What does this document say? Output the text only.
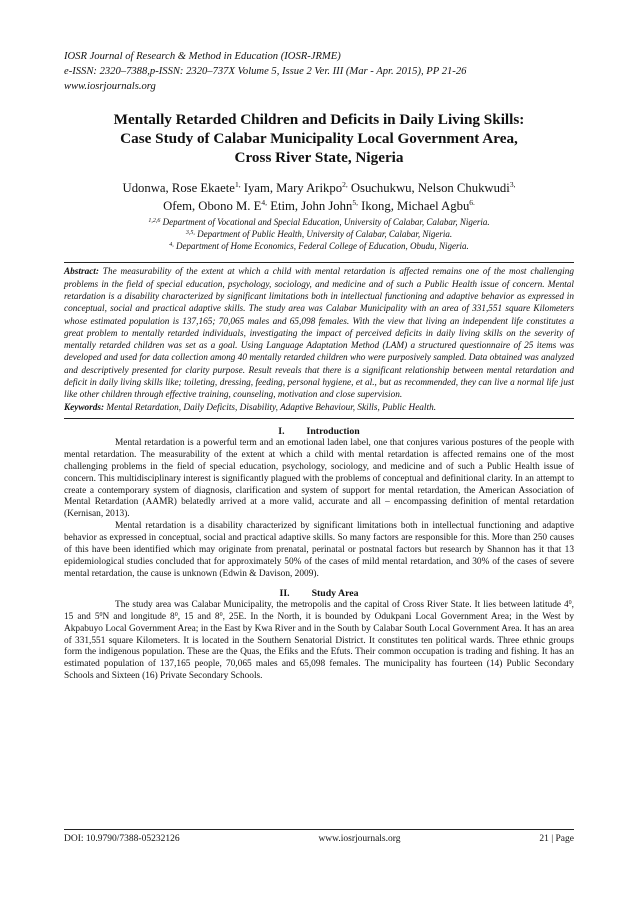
IOSR Journal of Research & Method in Education (IOSR-JRME)
e-ISSN: 2320–7388,p-ISSN: 2320–737X Volume 5, Issue 2 Ver. III (Mar - Apr. 2015), PP 21-26
www.iosrjournals.org
Mentally Retarded Children and Deficits in Daily Living Skills:
Case Study of Calabar Municipality Local Government Area,
Cross River State, Nigeria
Udonwa, Rose Ekaete$^{1,}$ Iyam, Mary Arikpo$^{2,}$ Osuchukwu, Nelson Chukwudi$^{3,}$
Ofem, Obono M. $E^{4,}$ Etim, John John$^{5,}$ Ikong, Michael Agbu$^{6.}$
$^{1,2,6}$ Department of Vocational and Special Education, University of Calabar, Calabar, Nigeria.
$^{3,5,}$ Department of Public Health, University of Calabar, Calabar, Nigeria.
$^{4,}$ Department of Home Economics, Federal College of Education, Obudu, Nigeria.
Abstract: The measurability of the extent at which a child with mental retardation is affected remains one of the most challenging problems in the field of special education, psychology, sociology, and medicine and of such a Public Health issue of concern. Mental retardation is a disability characterized by significant limitations both in intellectual functioning and adaptive behavior as expressed in conceptual, social and practical adaptive skills. The study area was Calabar Municipality with an area of 331,551 square Kilometers whose estimated population is 137,165; 70,065 males and 65,098 females. With the view that living an independent life constitutes a great problem to mentally retarded individuals, investigating the impact of perceived deficits in daily living skills on the severity of mentally retarded children was set as a goal. Using Language Adaptation Method (LAM) a structured questionnaire of 25 items was developed and used for data collection among 40 mentally retarded children who were purposively sampled. Data obtained was analyzed and descriptively presented for clarity purpose. Result reveals that there is a significant relationship between mental retardation and deficit in daily living skills like; toileting, dressing, feeding, personal hygiene, et al., but as recommended, they can live a normal life just like other children through effective training, counseling, motivation and close supervision.
Keywords: Mental Retardation, Daily Deficits, Disability, Adaptive Behaviour, Skills, Public Health.
I. Introduction

Mental retardation is a powerful term and an emotional laden label, one that conjures various postures of the people with mental retardation. The measurability of the extent at which a child with mental retardation is affected remains one of the most challenging problems in the field of special education, psychology, sociology, and medicine and of such a Public Health issue of concern. This multidisciplinary interest is significantly plagued with the problems of conceptual and definitional clarity. In an attempt to create a contemporary system of diagnosis, clarification and system of support for mental retardation, the American Association of Mental Retardation (AAMR) belatedly arrived at a more valid, accurate and all – encompassing definition of mental retardation (Kernisan, 2013).

Mental retardation is a disability characterized by significant limitations both in intellectual functioning and adaptive behavior as expressed in conceptual, social and practical adaptive skills. So many factors are responsible for this. More than 250 causes of this have been identified which may originate from prenatal, perinatal or postnatal factors but research by Shannon has it that 13 epidemiological studies concluded that for approximately 50% of the cases of mild mental retardation, and 30% of the cases of severe mental retardation, the cause is unknown (Edwin & Davison, 2009).

II. Study Area

The study area was Calabar Municipality, the metropolis and the capital of Cross River State. It lies between latitude $4^0$, 15 and $5^0N$ and longitude $8^0$, 15 and $8^0$, 25E. In the North, it is bounded by Odukpani Local Government Area; in the West by Akpabuyo Local Government Area; in the East by Kwa River and in the South by Calabar South Local Government Area. It has an area of 331,551 square Kilometers. It is located in the Southern Senatorial District. It constitutes ten political wards. Three ethnic groups form the indigenous population. These are the Quas, the Efiks and the Efuts. Their common occupation is trading and fishing. It has an estimated population of 137,165 people, 70,065 males and 65,098 females. The municipality has fourteen (14) Public Secondary Schools and Sixteen (16) Private Secondary Schools.

DOI: 10.9790/7388-05232126	www.iosrjournals.org	21 | Page
